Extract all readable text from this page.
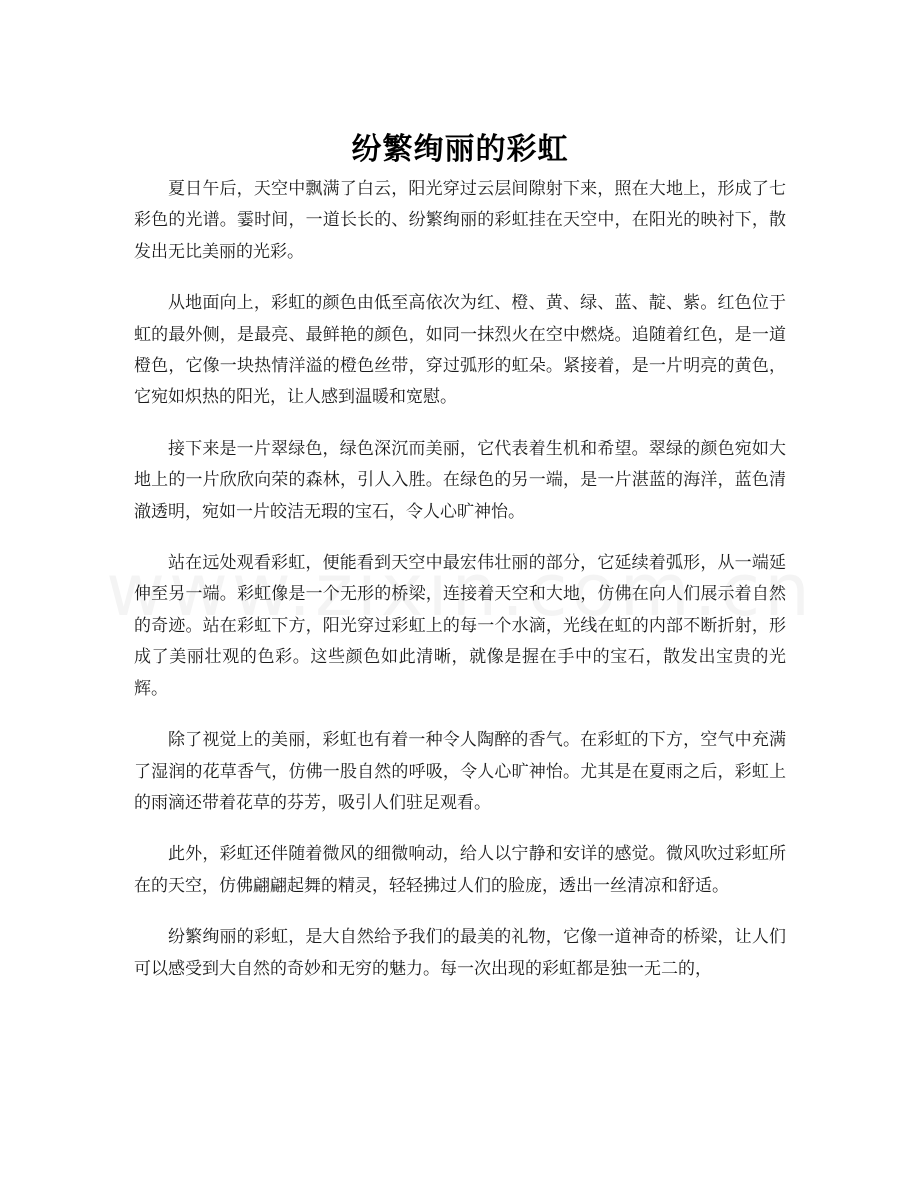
纷繁绚丽的彩虹

夏日午后，天空中飘满了白云，阳光穿过云层间隙射下来，照在大地上，形成了七彩色的光谱。霎时间，一道长长的、纷繁绚丽的彩虹挂在天空中，在阳光的映衬下，散发出无比美丽的光彩。

从地面向上，彩虹的颜色由低至高依次为红、橙、黄、绿、蓝、靛、紫。红色位于虹的最外侧，是最亮、最鲜艳的颜色，如同一抹烈火在空中燃烧。追随着红色，是一道橙色，它像一块热情洋溢的橙色丝带，穿过弧形的虹朵。紧接着，是一片明亮的黄色，它宛如炽热的阳光，让人感到温暖和宽慰。

接下来是一片翠绿色，绿色深沉而美丽，它代表着生机和希望。翠绿的颜色宛如大地上的一片欣欣向荣的森林，引人入胜。在绿色的另一端，是一片湛蓝的海洋，蓝色清澈透明，宛如一片皎洁无瑕的宝石，令人心旷神怡。

站在远处观看彩虹，便能看到天空中最宏伟壮丽的部分，它延续着弧形，从一端延伸至另一端。彩虹像是一个无形的桥梁，连接着天空和大地，仿佛在向人们展示着自然的奇迹。站在彩虹下方，阳光穿过彩虹上的每一个水滴，光线在虹的内部不断折射，形成了美丽壮观的色彩。这些颜色如此清晰，就像是握在手中的宝石，散发出宝贵的光辉。

除了视觉上的美丽，彩虹也有着一种令人陶醉的香气。在彩虹的下方，空气中充满了湿润的花草香气，仿佛一股自然的呼吸，令人心旷神怡。尤其是在夏雨之后，彩虹上的雨滴还带着花草的芬芳，吸引人们驻足观看。

此外，彩虹还伴随着微风的细微响动，给人以宁静和安详的感觉。微风吹过彩虹所在的天空，仿佛翩翩起舞的精灵，轻轻拂过人们的脸庞，透出一丝清凉和舒适。

纷繁绚丽的彩虹，是大自然给予我们的最美的礼物，它像一道神奇的桥梁，让人们可以感受到大自然的奇妙和无穷的魅力。每一次出现的彩虹都是独一无二的，
